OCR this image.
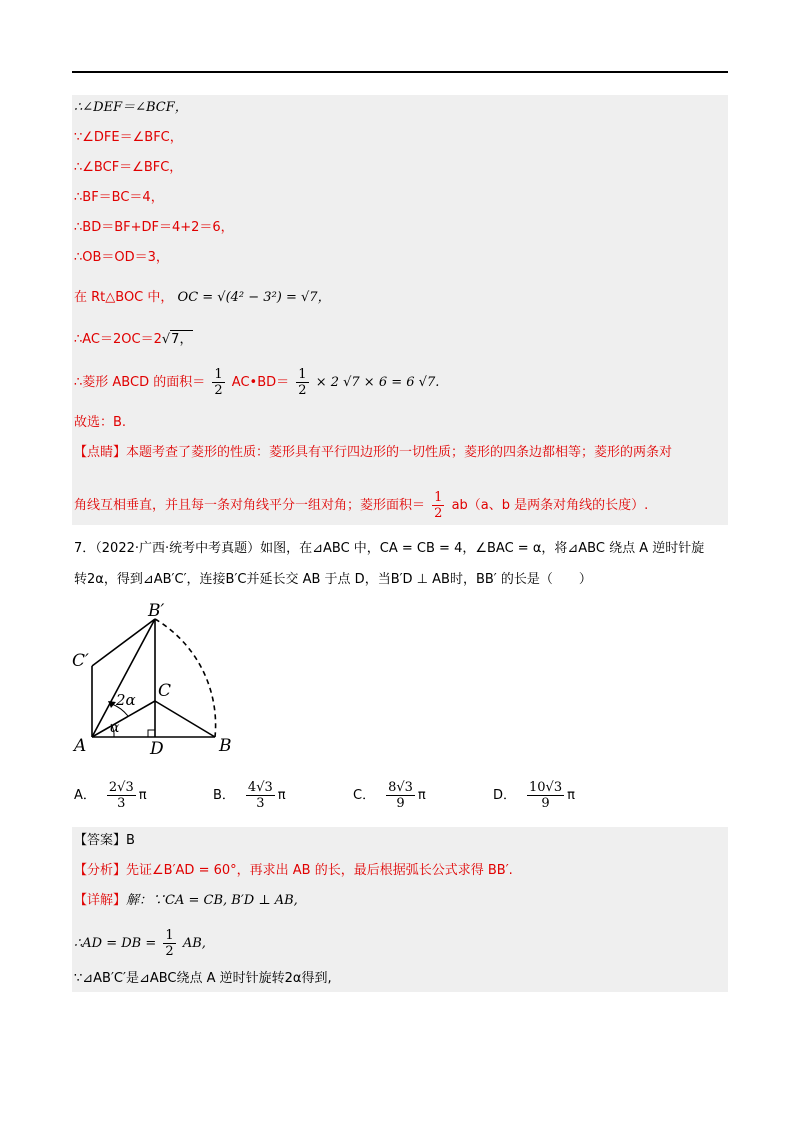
∴∠DEF＝∠BCF，
∵∠DFE＝∠BFC，
∴∠BCF＝∠BFC，
∴BF＝BC＝4，
∴BD＝BF+DF＝4+2＝6，
∴OB＝OD＝3，
在 Rt△BOC 中， OC = √(4² − 3²) = √7，
∴AC＝2OC＝2√7，
∴菱形 ABCD 的面积＝ $\frac{1}{2}$ AC•BD＝ $\frac{1}{2} \times 2$ √7 × 6 = 6 √7.
故选：B.
【点睛】本题考查了菱形的性质：菱形具有平行四边形的一切性质；菱形的四条边都相等；菱形的两条对
角线互相垂直，并且每一条对角线平分一组对角；菱形面积＝ $\frac{1}{2} ab(a$、b 是两条对角线的长度）.
7．（2022·广西·统考中考真题）如图，在⊿ABC 中，CA = CB = 4，∠BAC = α，将⊿ABC 绕点 A 逆时针旋
转2α，得到⊿AB′C′，连接B′C并延长交 AB 于点 D，当B′D ⊥ AB时，BB′ 的长是（　　）
B′
C′
C
A	D	B
2α
α
A． $\frac{2√3}{3}$ π	B． $\frac{4√3}{3}$ π	C． $\frac{8√3}{9}$ π	D． $\frac{10√3}{9}$ π
【答案】B
【分析】先证∠B′AD = 60°，再求出 AB 的长，最后根据弧长公式求得 BB′.
【详解】解：∵CA = CB, B′D ⊥ AB,
∴AD = DB = $\frac{1}{2}$ AB,
∵⊿AB′C′是⊿ABC绕点 A 逆时针旋转2α得到,
